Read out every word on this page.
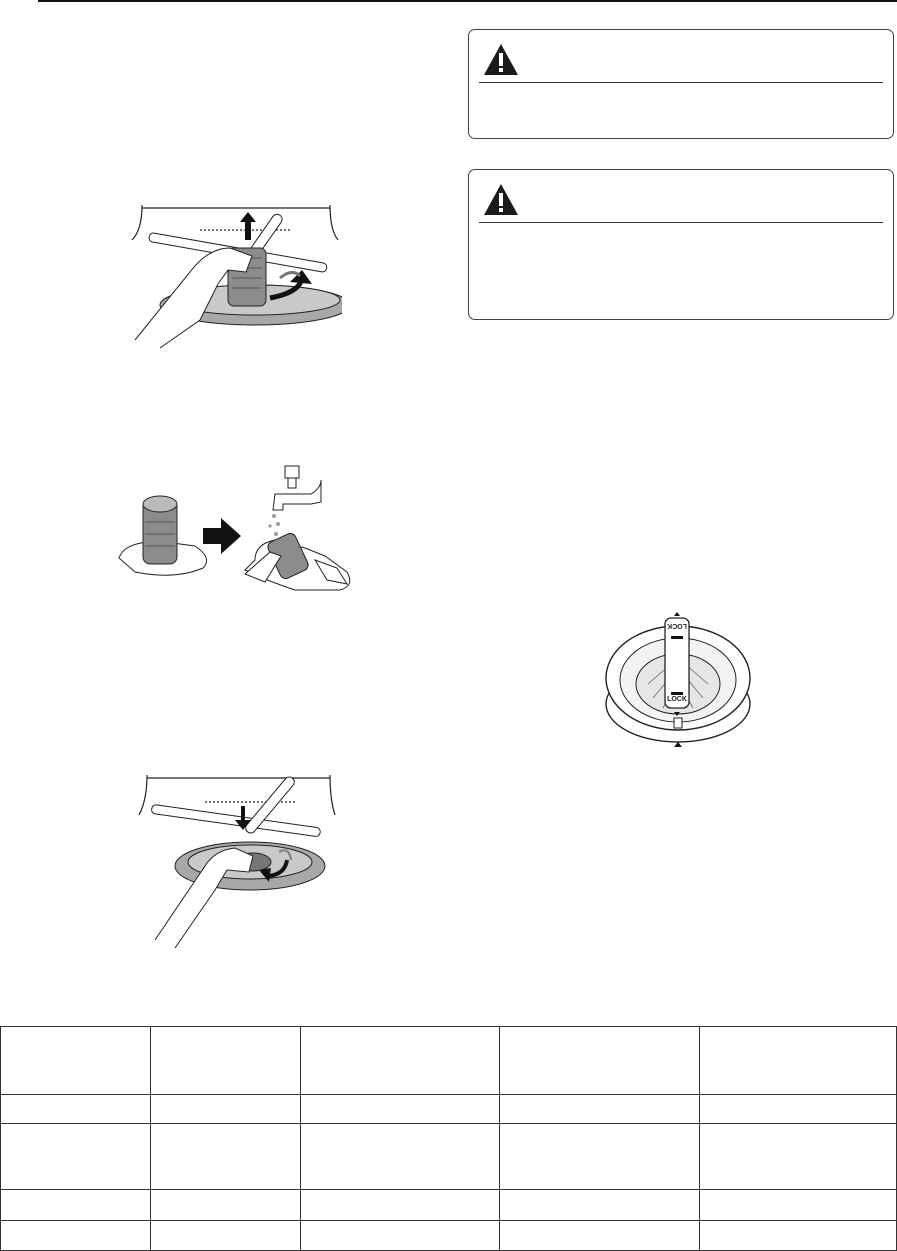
LOCK
LOCK
